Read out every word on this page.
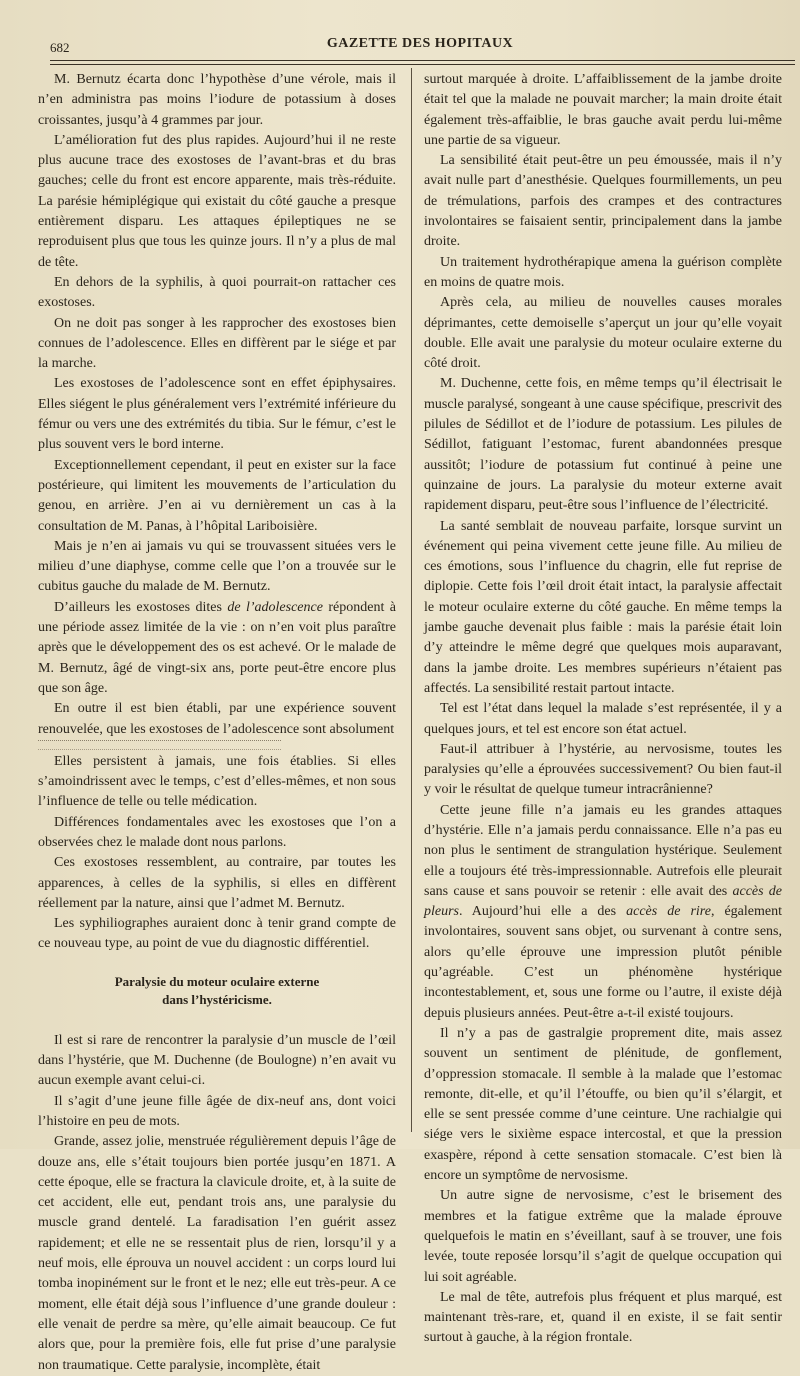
682	GAZETTE DES HOPITAUX

M. Bernutz écarta donc l’hypothèse d’une vérole, mais il n’en administra pas moins l’iodure de potassium à doses croissantes, jusqu’à 4 grammes par jour.

L’amélioration fut des plus rapides. Aujourd’hui il ne reste plus aucune trace des exostoses de l’avant-bras et du bras gauches; celle du front est encore apparente, mais très-réduite. La parésie hémiplégique qui existait du côté gauche a presque entièrement disparu. Les attaques épileptiques ne se reproduisent plus que tous les quinze jours. Il n’y a plus de mal de tête.

En dehors de la syphilis, à quoi pourrait-on rattacher ces exostoses.

On ne doit pas songer à les rapprocher des exostoses bien connues de l’adolescence. Elles en diffèrent par le siége et par la marche.

Les exostoses de l’adolescence sont en effet épiphysaires. Elles siégent le plus généralement vers l’extrémité inférieure du fémur ou vers une des extrémités du tibia. Sur le fémur, c’est le plus souvent vers le bord interne.

Exceptionnellement cependant, il peut en exister sur la face postérieure, qui limitent les mouvements de l’articulation du genou, en arrière. J’en ai vu dernièrement un cas à la consultation de M. Panas, à l’hôpital Lariboisière.

Mais je n’en ai jamais vu qui se trouvassent situées vers le milieu d’une diaphyse, comme celle que l’on a trouvée sur le cubitus gauche du malade de M. Bernutz.

D’ailleurs les exostoses dites de l’adolescence répondent à une période assez limitée de la vie : on n’en voit plus paraître après que le développement des os est achevé. Or le malade de M. Bernutz, âgé de vingt-six ans, porte peut-être encore plus que son âge.

En outre il est bien établi, par une expérience souvent renouvelée, que les exostoses de l’adolescence sont absolument

Elles persistent à jamais, une fois établies. Si elles s’amoindrissent avec le temps, c’est d’elles-mêmes, et non sous l’influence de telle ou telle médication.

Différences fondamentales avec les exostoses que l’on a observées chez le malade dont nous parlons.

Ces exostoses ressemblent, au contraire, par toutes les apparences, à celles de la syphilis, si elles en diffèrent réellement par la nature, ainsi que l’admet M. Bernutz.

Les syphiliographes auraient donc à tenir grand compte de ce nouveau type, au point de vue du diagnostic différentiel.

Paralysie du moteur oculaire externe
dans l’hystéricisme.

Il est si rare de rencontrer la paralysie d’un muscle de l’œil dans l’hystérie, que M. Duchenne (de Boulogne) n’en avait vu aucun exemple avant celui-ci.

Il s’agit d’une jeune fille âgée de dix-neuf ans, dont voici l’histoire en peu de mots.

Grande, assez jolie, menstruée régulièrement depuis l’âge de douze ans, elle s’était toujours bien portée jusqu’en 1871. A cette époque, elle se fractura la clavicule droite, et, à la suite de cet accident, elle eut, pendant trois ans, une paralysie du muscle grand dentelé. La faradisation l’en guérit assez rapidement; et elle ne se ressentait plus de rien, lorsqu’il y a neuf mois, elle éprouva un nouvel accident : un corps lourd lui tomba inopinément sur le front et le nez; elle eut très-peur. A ce moment, elle était déjà sous l’influence d’une grande douleur : elle venait de perdre sa mère, qu’elle aimait beaucoup. Ce fut alors que, pour la première fois, elle fut prise d’une paralysie non traumatique. Cette paralysie, incomplète, était

surtout marquée à droite. L’affaiblissement de la jambe droite était tel que la malade ne pouvait marcher; la main droite était également très-affaiblie, le bras gauche avait perdu lui-même une partie de sa vigueur.

La sensibilité était peut-être un peu émoussée, mais il n’y avait nulle part d’anesthésie. Quelques fourmillements, un peu de trémulations, parfois des crampes et des contractures involontaires se faisaient sentir, principalement dans la jambe droite.

Un traitement hydrothérapique amena la guérison complète en moins de quatre mois.

Après cela, au milieu de nouvelles causes morales déprimantes, cette demoiselle s’aperçut un jour qu’elle voyait double. Elle avait une paralysie du moteur oculaire externe du côté droit.

M. Duchenne, cette fois, en même temps qu’il électrisait le muscle paralysé, songeant à une cause spécifique, prescrivit des pilules de Sédillot et de l’iodure de potassium. Les pilules de Sédillot, fatiguant l’estomac, furent abandonnées presque aussitôt; l’iodure de potassium fut continué à peine une quinzaine de jours. La paralysie du moteur externe avait rapidement disparu, peut-être sous l’influence de l’électricité.

La santé semblait de nouveau parfaite, lorsque survint un événement qui peina vivement cette jeune fille. Au milieu de ces émotions, sous l’influence du chagrin, elle fut reprise de diplopie. Cette fois l’œil droit était intact, la paralysie affectait le moteur oculaire externe du côté gauche. En même temps la jambe gauche devenait plus faible : mais la parésie était loin d’y atteindre le même degré que quelques mois auparavant, dans la jambe droite. Les membres supérieurs n’étaient pas affectés. La sensibilité restait partout intacte.

Tel est l’état dans lequel la malade s’est représentée, il y a quelques jours, et tel est encore son état actuel.

Faut-il attribuer à l’hystérie, au nervosisme, toutes les paralysies qu’elle a éprouvées successivement? Ou bien faut-il y voir le résultat de quelque tumeur intracrânienne?

Cette jeune fille n’a jamais eu les grandes attaques d’hystérie. Elle n’a jamais perdu connaissance. Elle n’a pas eu non plus le sentiment de strangulation hystérique. Seulement elle a toujours été très-impressionnable. Autrefois elle pleurait sans cause et sans pouvoir se retenir : elle avait des accès de pleurs. Aujourd’hui elle a des accès de rire, également involontaires, souvent sans objet, ou survenant à contre sens, alors qu’elle éprouve une impression plutôt pénible qu’agréable. C’est un phénomène hystérique incontestablement, et, sous une forme ou l’autre, il existe déjà depuis plusieurs années. Peut-être a-t-il existé toujours.

Il n’y a pas de gastralgie proprement dite, mais assez souvent un sentiment de plénitude, de gonflement, d’oppression stomacale. Il semble à la malade que l’estomac remonte, dit-elle, et qu’il l’étouffe, ou bien qu’il s’élargit, et elle se sent pressée comme d’une ceinture. Une rachialgie qui siége vers le sixième espace intercostal, et que la pression exaspère, répond à cette sensation stomacale. C’est bien là encore un symptôme de nervosisme.

Un autre signe de nervosisme, c’est le brisement des membres et la fatigue extrême que la malade éprouve quelquefois le matin en s’éveillant, sauf à se trouver, une fois levée, toute reposée lorsqu’il s’agit de quelque occupation qui lui soit agréable.

Le mal de tête, autrefois plus fréquent et plus marqué, est maintenant très-rare, et, quand il en existe, il se fait sentir surtout à gauche, à la région frontale.
